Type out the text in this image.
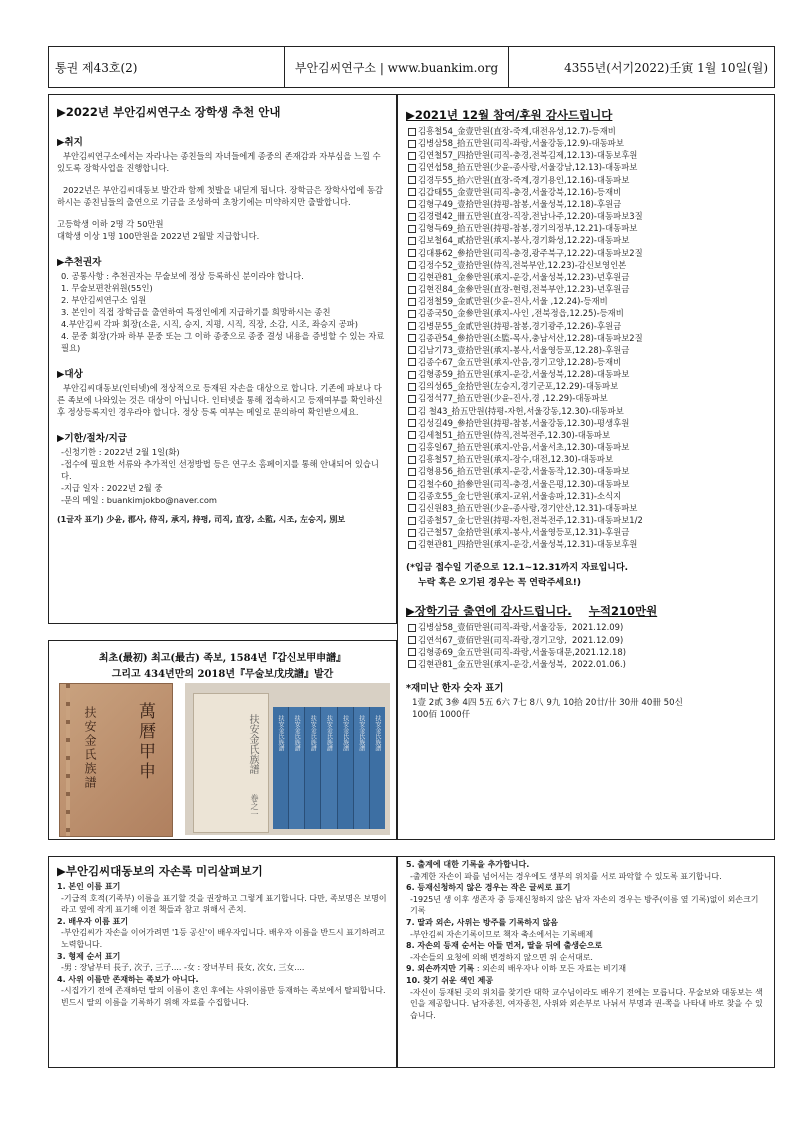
통권 제43호(2)	부안김씨연구소 | www.buankim.org	4355년(서기2022)壬寅 1월 10일(월)
▶2022년 부안김씨연구소 장학생 추천 안내
▶취지

부안김씨연구소에서는 자라나는 종친들의 자녀들에게 종중의 존재감과 자부심을 느낄 수 있도록 장학사업을 진행합니다.

2022년은 부안김씨대동보 발간과 함께 첫발을 내딛게 됩니다. 장학금은 장학사업에 동감하시는 종친님들의 출연으로 기금을 조성하여 초창기에는 미약하지만 출발합니다.

고등학생 이하 2명 각 50만원

대학생 이상 1명 100만원을 2022년 2월말 지급합니다.

▶추천권자

0. 공통사항 : 추천권자는 무술보에 정상 등록하신 분이라야 합니다.

1. 무술보편찬위원(55인)

2. 부안김씨연구소 임원

3. 본인이 직접 장학금을 출연하여 특정인에게 지급하기를 희망하시는 종친

4.부안김씨 각파 회장(소윤, 시직, 승지, 지평, 시직, 직장, 소감, 시조, 좌승지 공파)

4. 문중 회장(가파 하부 문중 또는 그 이하 종중으로 종중 결성 내용을 증빙할 수 있는 자료 필요)

▶대상

부안김씨대동보(인터넷)에 정상적으로 등재된 자손을 대상으로 합니다. 기존에 파보나 다른 족보에 나와있는 것은 대상이 아닙니다. 인터넷을 통해 접속하시고 등재여부를 확인하신 후 정상등록지인 경우라야 합니다. 정상 등록 여부는 메일로 문의하여 확인받으세요.

▶기한/절차/지급

-신청기한 : 2022년 2월 1일(화)

-접수에 필요한 서류와 추가적인 선정방법 등은 연구소 홈페이지를 통해 안내되어 있습니다.

-지급 일자 : 2022년 2월 중

-문의 메일 : buankimjokbo@naver.com

(1글자 표기) 少윤, 郡사, 侍직, 承지, 持평, 司직, 直장, 소監, 시조, 左승지, 別보

최초(最初) 최고(最古) 족보, 1584년『갑신보甲申譜』
그리고 434년만의 2018년『무술보戊戌譜』발간
萬曆甲申
扶安金氏族譜	扶安金氏族譜
卷之一
扶安金氏族譜 扶安金氏族譜 扶安金氏族譜 扶安金氏族譜 扶安金氏族譜 扶安金氏族譜 扶安金氏族譜
▶2021년 12월 참여/후원 감사드립니다

김흥철54_金壹만원(直장-죽계,대전유성,12.7)-등재비

김병삼58_拾五만원(司직-좌랑,서울강동,12.9)-대동파보

김연철57_四拾만원(司직-충경,전북김제,12.13)-대동보후원

김연섭58_拾五만원(少윤-종사랑,서울강남,12.13)-대동파보

김경두55_拾六만원(直장-죽계,경기용인,12.16)-대동파보

김갑태55_金壹만원(司직-충경,서울강북,12.16)-등재비

김형구49_壹拾만원(持평-참봉,서울성북,12.18)-후원금

김경렬42_卌五만원(直장-직장,전남나주,12.20)-대동파보3질

김형득69_拾五만원(持평-참봉,경기의정부,12.21)-대동파보

김보철64_貳拾만원(承지-봉사,경기화성,12.22)-대동파보

김대룡62_參拾만원(司직-충경,광주북구,12.22)-대동파보2질

김정수52_壹拾만원(侍직,전북부안,12.23)-감신보영인본

김현관81_金參만원(承지-운강,서울성북,12.23)-년후원금

김현진84_金參만원(直장-현령,전북부안,12.23)-년후원금

김정철59_金貳만원(少윤-진사,서울 ,12.24)-등재비

김종국50_金參만원(承지-사인 ,전북정읍,12.25)-등재비

김병문55_金貳만원(持평-참봉,경기광주,12.26)-후원금

김종관54_參拾만원(소監-목사,충남서산,12.28)-대동파보2질

김남기73_壹拾만원(承지-봉사,서울영등포,12.28)-후원금

김종수67_金五만원(承지-안음,경기고양,12.28)-등재비

김형종59_拾五만원(承지-운강,서울성북,12.28)-대동파보

김의성65_金拾만원(左승지,경기군포,12.29)-대동파보

김정석77_拾五만원(少윤-진사,경 ,12.29)-대동파보

김 철43_拾五만원(持평-자헌,서울강동,12.30)-대동파보

김성길49_參拾만원(持평-참봉,서울강동,12.30)-평생후원

김세철51_拾五만원(侍직,전북전주,12.30)-대동파보

김홍일67_拾五만원(承지-안음,서울서초,12.30)-대동파보

김흥철57_拾五만원(承지-장수,대전,12.30)-대동파보

김형용56_拾五만원(承지-운강,서울동작,12.30)-대동파보

김철수60_拾參만원(司직-충경,서울은평,12.30)-대동파보

김종호55_金七만원(承지-교위,서울송파,12.31)-소식지

김신원83_拾五만원(少윤-종사랑,경기안산,12.31)-대동파보

김종철57_金七만원(持평-자헌,전북전주,12.31)-대동파보1/2

김근철57_金拾만원(承지-봉사,서울영등포,12.31)-후원금

김현관81_四拾만원(承지-운강,서울성북,12.31)-대동보후원

(*입금 접수일 기준으로 12.1~12.31까지 자료입니다.
누락 혹은 오기된 경우는 꼭 연락주세요!)
▶장학기금 출연에 감사드립니다. 누적210만원

김병삼58_壹佰만원(司직-좌랑,서울강동,  2021.12.09)

김연석67_壹佰만원(司직-좌랑,경기고양,  2021.12.09)

김형종69_金五만원(司직-좌랑,서울동대문,2021.12.18)

김현관81_金五만원(承지-운강,서울성북,  2022.01.06.)

*재미난 한자 숫자 표기

1壹 2貳 3參 4四 5五 6六 7七 8八 9九 10拾 20廿/卄 30卅 40卌 50신

100佰 1000仟

▶부안김씨대동보의 자손록 미리살펴보기
1. 본인 이름 표기

-기급적 호적(기족부) 이름을 표기할 것을 권장하고 그렇게 표기합니다. 다만, 족보명은 보명이라고 옆에 작게 표기해 이전 책들과 참고 위해서 존치.

2. 배우자 이름 표기

-부안김씨가 자손을 이어가려면 '1등 공신'이 배우자입니다. 배우자 이름을 반드시 표기하려고 노력합니다.

3. 형제 순서 표기

-男 : 장남부터 長子, 次子, 三子.... -女 : 장녀부터 長女, 次女, 三女....

4. 사위 이름만 존재하는 족보가 아니다.

-시집가기 전에 존재하던 딸의 이름이 혼인 후에는 사위이름만 등재하는 족보에서 탈피합니다. 빈드시 딸의 이름을 기록하기 위해 자료를 수집합니다.

5. 출계에 대한 기록을 추가합니다.

-출계한 자손이 파를 넘어서는 경우에도 생부의 위치를 서로 파악할 수 있도록 표기합니다.

6. 등재신청하지 않은 경우는 작은 글씨로 표기

-1925년 생 이후 생존자 중 등재신청하지 않은 남자 자손의 경우는 방주(이름 옆 기록)없이 외손크기 기록

7. 딸과 외손, 사위는 방주를 기록하지 않음

-부안김씨 자손기록이므로 책자 축소에서는 기록배제

8. 자손의 등재 순서는 아들 먼저, 딸을 뒤에 출생순으로

-자손들의 요청에 의해 변경하지 않으면 위 순서대로.

9. 외손까지만 기록 : 외손의 배우자나 이하 모든 자료는 비기재
10. 찾기 쉬운 색인 제공

-자신이 등재된 곳의 위치를 찾기란 대학 교수님이라도 배우기 전에는 모릅니다. 무술보와 대동보는 색인을 제공합니다. 남자종친, 여자종친, 사위와 외손부로 나뉘서 부명과 권-쪽을 나타내 바로 찾을 수 있습니다.
